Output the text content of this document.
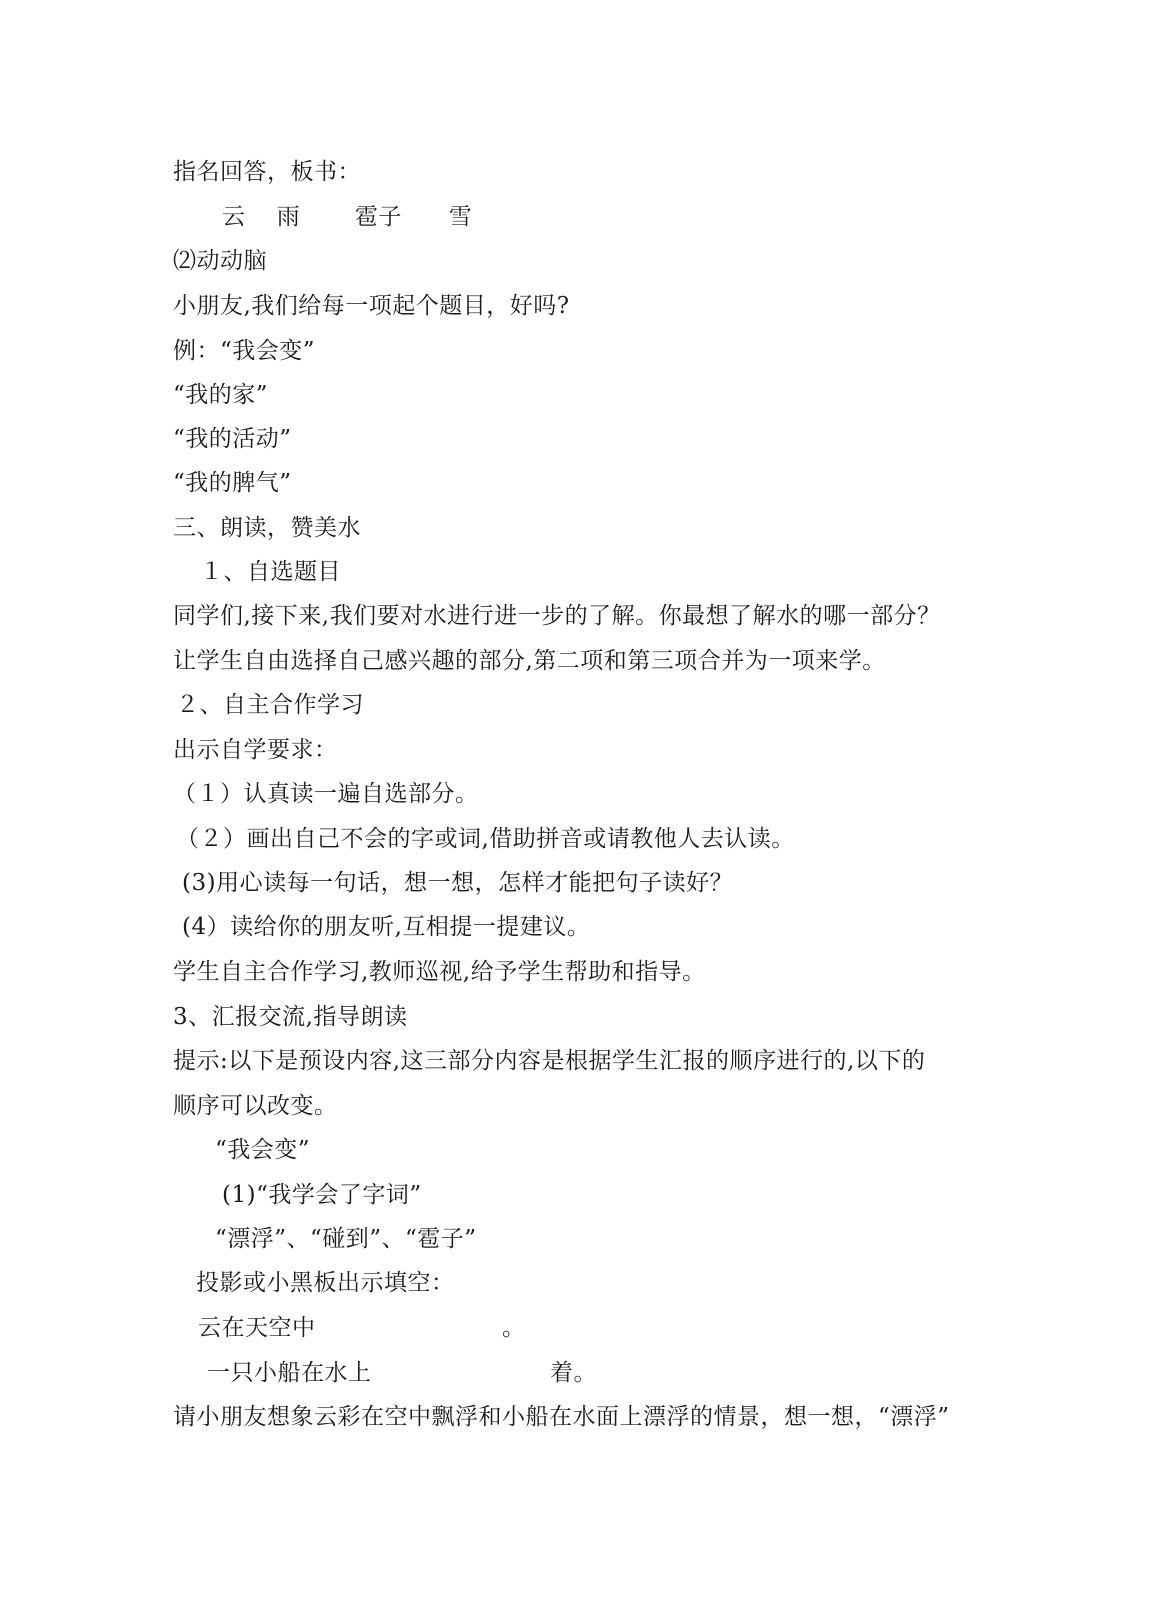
指名回答，板书：
云    雨       雹子      雪
⑵动动脑
小朋友,我们给每一项起个题目，好吗?
例：“我会变”
“我的家”
“我的活动”
“我的脾气”
三、朗读，赞美水
１、自选题目
同学们,接下来,我们要对水进行进一步的了解。你最想了解水的哪一部分？
让学生自由选择自己感兴趣的部分,第二项和第三项合并为一项来学。
２、自主合作学习
出示自学要求：
（１）认真读一遍自选部分。
（２）画出自己不会的字或词,借助拼音或请教他人去认读。
(3)用心读每一句话，想一想，怎样才能把句子读好？
(4）读给你的朋友听,互相提一提建议。
学生自主合作学习,教师巡视,给予学生帮助和指导。
3、汇报交流,指导朗读
提示:以下是预设内容,这三部分内容是根据学生汇报的顺序进行的,以下的
顺序可以改变。
“我会变”
(1)“我学会了字词”
“漂浮”、“碰到”、“雹子”
投影或小黑板出示填空：
云在天空中	。
一只小船在水上	着。
请小朋友想象云彩在空中飘浮和小船在水面上漂浮的情景，想一想，“漂浮”
